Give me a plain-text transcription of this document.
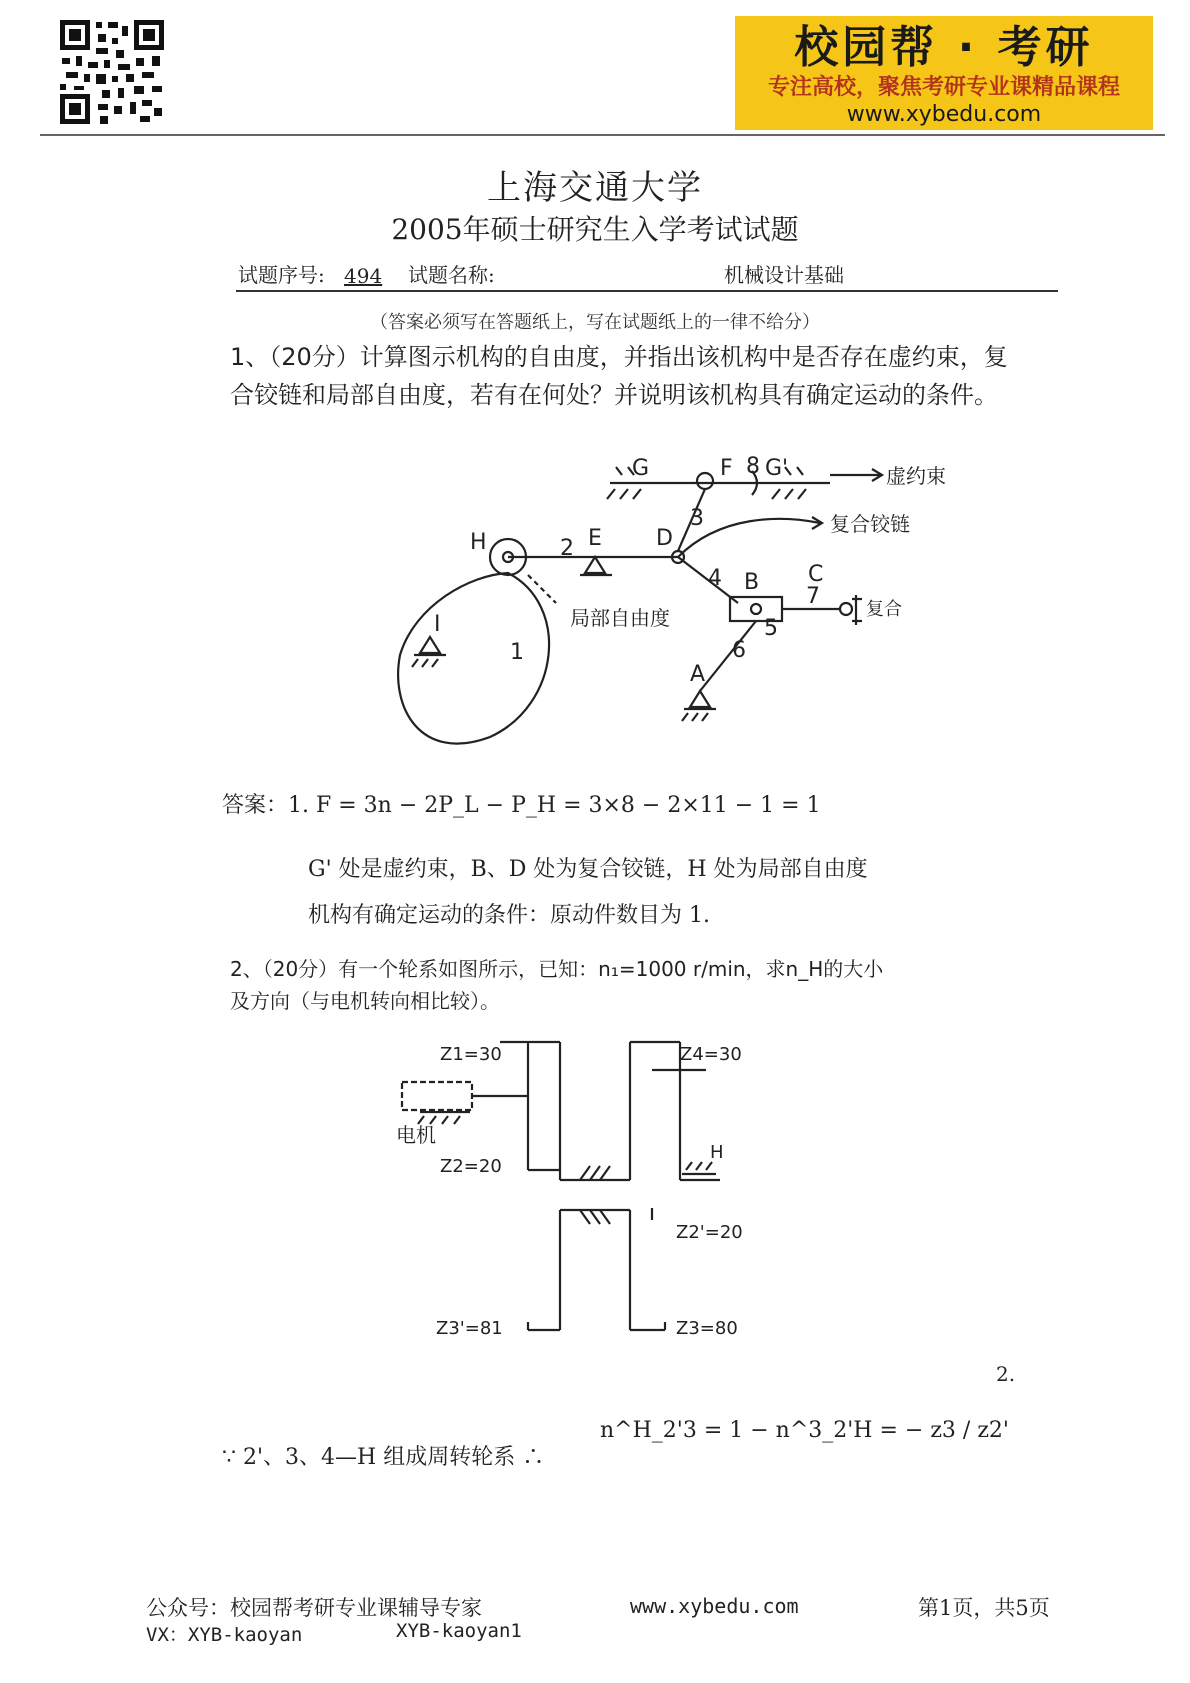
校园帮 · 考研
专注高校，聚焦考研专业课精品课程
www.xybedu.com
上海交通大学
2005年硕士研究生入学考试试题
试题序号: 494 试题名称:	机械设计基础
（答案必须写在答题纸上，写在试题纸上的一律不给分）
1、（20分）计算图示机构的自由度，并指出该机构中是否存在虚约束，复合铰链和局部自由度，若有在何处？并说明该机构具有确定运动的条件。
G	F G'
8
H	E
2	D
3
4 B
5
7
C
6
A
1
I
虚约束
复合铰链
局部自由度	复合
答案：1. F = 3n − 2P_L − P_H = 3×8 − 2×11 − 1 = 1
G' 处是虚约束，B、D 处为复合铰链，H 处为局部自由度
机构有确定运动的条件：原动件数目为 1.
2、（20分）有一个轮系如图所示，已知：n₁=1000 r/min，求n_H的大小
及方向（与电机转向相比较）。
Z1=30	Z4=30
电机
Z2=20
H
Z2'=20
Z3'=81	Z3=80
2.
∵ 2'、3、4—H 组成周转轮系 ∴
n^H_2'3 = 1 − n^3_2'H = − z3 / z2'
公众号：校园帮考研专业课辅导专家	www.xybedu.com	第1页，共5页
VX：XYB-kaoyan	XYB-kaoyan1
